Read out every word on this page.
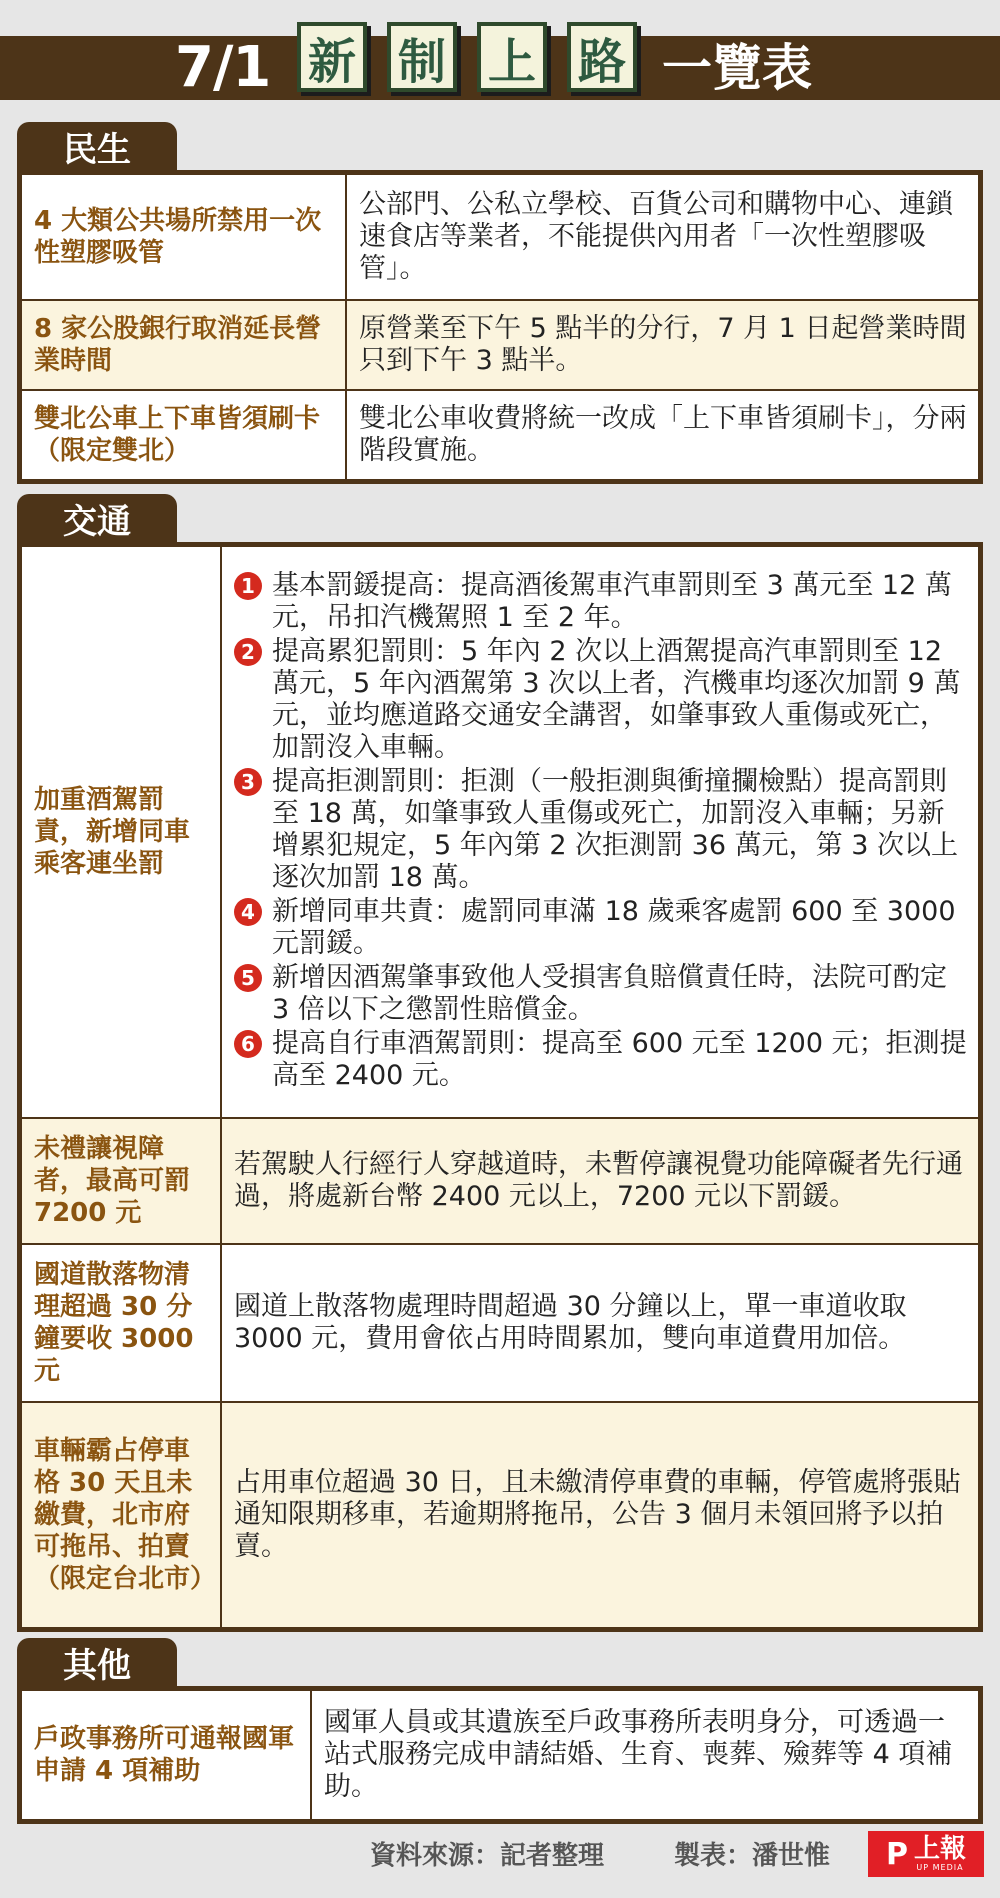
7/1 新 制 上 路 一覽表
民生
4 大類公共場所禁用一次性塑膠吸管

公部門、公私立學校、百貨公司和購物中心、連鎖速食店等業者，不能提供內用者「一次性塑膠吸管」。

8 家公股銀行取消延長營業時間

原營業至下午 5 點半的分行，7 月 1 日起營業時間只到下午 3 點半。

雙北公車上下車皆須刷卡（限定雙北）

雙北公車收費將統一改成「上下車皆須刷卡」，分兩階段實施。

交通
加重酒駕罰責，新增同車乘客連坐罰
1 基本罰鍰提高：提高酒後駕車汽車罰則至 3 萬元至 12 萬元，吊扣汽機駕照 1 至 2 年。
2 提高累犯罰則：5 年內 2 次以上酒駕提高汽車罰則至 12 萬元，5 年內酒駕第 3 次以上者，汽機車均逐次加罰 9 萬元，並均應道路交通安全講習，如肇事致人重傷或死亡，加罰沒入車輛。
3 提高拒測罰則：拒測（一般拒測與衝撞攔檢點）提高罰則至 18 萬，如肇事致人重傷或死亡，加罰沒入車輛；另新增累犯規定，5 年內第 2 次拒測罰 36 萬元，第 3 次以上逐次加罰 18 萬。
4 新增同車共責：處罰同車滿 18 歲乘客處罰 600 至 3000 元罰鍰。
5 新增因酒駕肇事致他人受損害負賠償責任時，法院可酌定 3 倍以下之懲罰性賠償金。
6 提高自行車酒駕罰則：提高至 600 元至 1200 元；拒測提高至 2400 元。
未禮讓視障者，最高可罰 7200 元

若駕駛人行經行人穿越道時，未暫停讓視覺功能障礙者先行通過，將處新台幣 2400 元以上，7200 元以下罰鍰。

國道散落物清理超過 30 分鐘要收 3000 元

國道上散落物處理時間超過 30 分鐘以上，單一車道收取 3000 元，費用會依占用時間累加，雙向車道費用加倍。

車輛霸占停車格 30 天且未繳費，北市府可拖吊、拍賣（限定台北市）

占用車位超過 30 日，且未繳清停車費的車輛，停管處將張貼通知限期移車，若逾期將拖吊，公告 3 個月未領回將予以拍賣。

其他
戶政事務所可通報國軍申請 4 項補助

國軍人員或其遺族至戶政事務所表明身分，可透過一站式服務完成申請結婚、生育、喪葬、殮葬等 4 項補助。

資料來源：記者整理	製表：潘世惟 P 上報
UP MEDIA
